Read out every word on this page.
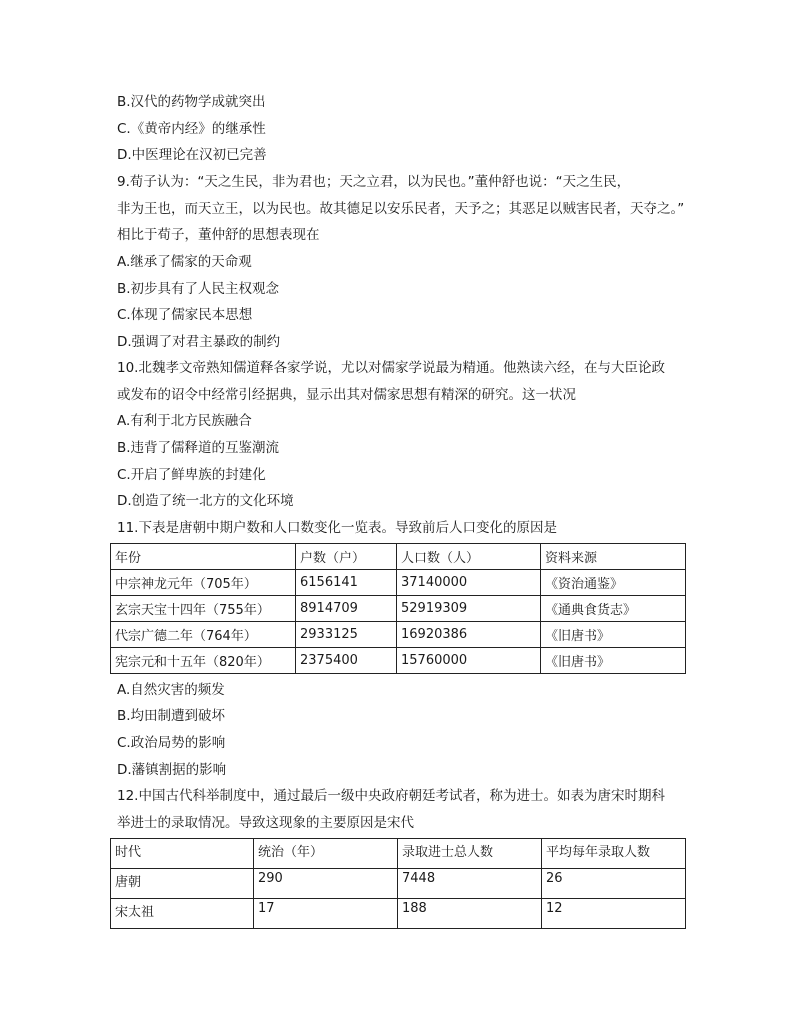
B.汉代的药物学成就突出
C.《黄帝内经》的继承性
D.中医理论在汉初已完善
9.荀子认为：“天之生民，非为君也；天之立君，以为民也。”董仲舒也说：“天之生民，
非为王也，而天立王，以为民也。故其德足以安乐民者，天予之；其恶足以贼害民者，天夺之。”
相比于荀子，董仲舒的思想表现在
A.继承了儒家的天命观
B.初步具有了人民主权观念
C.体现了儒家民本思想
D.强调了对君主暴政的制约
10.北魏孝文帝熟知儒道释各家学说，尤以对儒家学说最为精通。他熟读六经，在与大臣论政
或发布的诏令中经常引经据典，显示出其对儒家思想有精深的研究。这一状况
A.有利于北方民族融合
B.违背了儒释道的互鉴潮流
C.开启了鲜卑族的封建化
D.创造了统一北方的文化环境
11.下表是唐朝中期户数和人口数变化一览表。导致前后人口变化的原因是
年份	户数（户）	人口数（人）	资料来源
中宗神龙元年（705年）	6156141	37140000	《资治通鉴》
玄宗天宝十四年（755年）	8914709	52919309	《通典食货志》
代宗广德二年（764年）	2933125	16920386	《旧唐书》
宪宗元和十五年（820年）	2375400	15760000	《旧唐书》
A.自然灾害的频发
B.均田制遭到破坏
C.政治局势的影响
D.藩镇割据的影响
12.中国古代科举制度中，通过最后一级中央政府朝廷考试者，称为进士。如表为唐宋时期科
举进士的录取情况。导致这现象的主要原因是宋代
时代	统治（年）	录取进士总人数	平均每年录取人数
唐朝	290	7448	26
宋太祖	17	188	12
